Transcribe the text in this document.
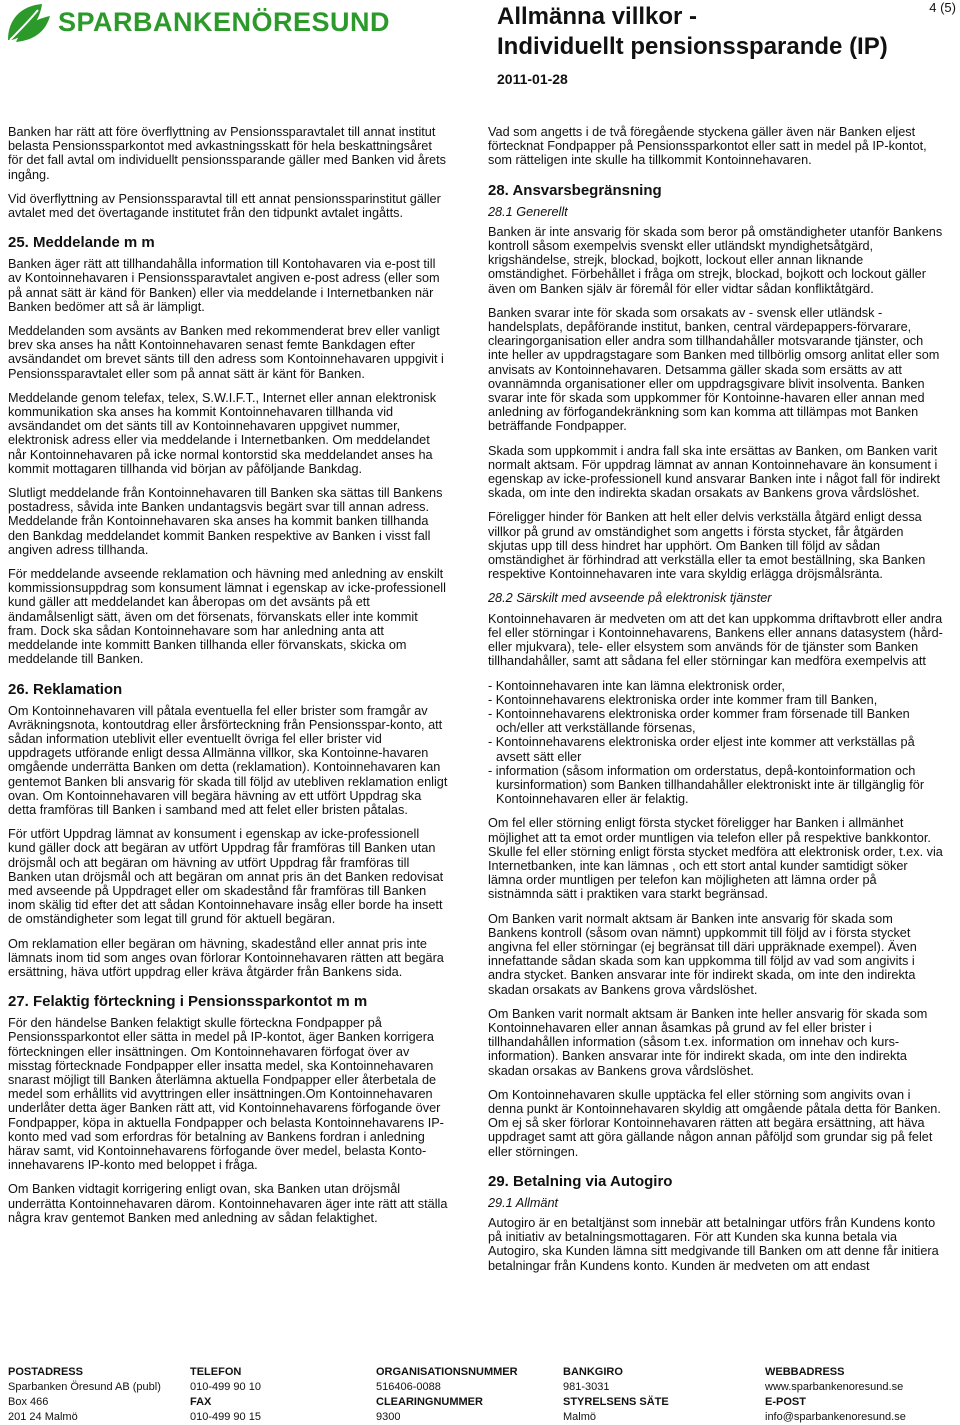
SPARBANKENÖRESUND	Allmänna villkor -
Individuellt pensionssparande (IP)
2011-01-28
4 (5)

Banken har rätt att före överflyttning av Pensionssparavtalet till annat institut belasta Pensionssparkontot med avkastningsskatt för hela beskattningsåret för det fall avtal om individuellt pensionssparande gäller med Banken vid årets ingång.

Vid överflyttning av Pensionssparavtal till ett annat pensionssparinstitut gäller avtalet med det övertagande institutet från den tidpunkt avtalet ingåtts.

25. Meddelande m m

Banken äger rätt att tillhandahålla information till Kontohavaren via e-post till av Kontoinnehavaren i Pensionssparavtalet angiven e-post adress (eller som på annat sätt är känd för Banken) eller via meddelande i Internetbanken när Banken bedömer att så är lämpligt.

Meddelanden som avsänts av Banken med rekommenderat brev eller vanligt brev ska anses ha nått Kontoinnehavaren senast femte Bankdagen efter avsändandet om brevet sänts till den adress som Kontoinnehavaren uppgivit i Pensionssparavtalet eller som på annat sätt är känt för Banken.

Meddelande genom telefax, telex, S.W.I.F.T., Internet eller annan elektronisk kommunikation ska anses ha kommit Kontoinnehavaren tillhanda vid avsändandet om det sänts till av Kontoinnehavaren uppgivet nummer, elektronisk adress eller via meddelande i Internetbanken. Om meddelandet når Kontoinnehavaren på icke normal kontorstid ska meddelandet anses ha kommit mottagaren tillhanda vid början av påföljande Bankdag.

Slutligt meddelande från Kontoinnehavaren till Banken ska sättas till Bankens postadress, såvida inte Banken undantagsvis begärt svar till annan adress. Meddelande från Kontoinnehavaren ska anses ha kommit banken tillhanda den Bankdag meddelandet kommit Banken respektive av Banken i visst fall angiven adress tillhanda.

För meddelande avseende reklamation och hävning med anledning av enskilt kommissionsuppdrag som konsument lämnat i egenskap av icke-professionell kund gäller att meddelandet kan åberopas om det avsänts på ett ändamålsenligt sätt, även om det försenats, förvanskats eller inte kommit fram. Dock ska sådan Kontoinnehavare som har anledning anta att meddelande inte kommitt Banken tillhanda eller förvanskats, skicka om meddelande till Banken.

26. Reklamation

Om Kontoinnehavaren vill påtala eventuella fel eller brister som framgår av Avräkningsnota, kontoutdrag eller årsförteckning från Pensionsspar-konto, att sådan information uteblivit eller eventuellt övriga fel eller brister vid uppdragets utförande enligt dessa Allmänna villkor, ska Kontoinne-havaren omgående underrätta Banken om detta (reklamation). Kontoinnehavaren kan gentemot Banken bli ansvarig för skada till följd av utebliven reklamation enligt ovan. Om Kontoinnehavaren vill begära hävning av ett utfört Uppdrag ska detta framföras till Banken i samband med att felet eller bristen påtalas.

För utfört Uppdrag lämnat av konsument i egenskap av icke-professionell kund gäller dock att begäran av utfört Uppdrag får framföras till Banken utan dröjsmål och att begäran om hävning av utfört Uppdrag får framföras till Banken utan dröjsmål och att begäran om annat pris än det Banken redovisat med avseende på Uppdraget eller om skadestånd får framföras till Banken inom skälig tid efter det att sådan Kontoinnehavare insåg eller borde ha insett de omständigheter som legat till grund för aktuell begäran.

Om reklamation eller begäran om hävning, skadestånd eller annat pris inte lämnats inom tid som anges ovan förlorar Kontoinnehavaren rätten att begära ersättning, häva utfört uppdrag eller kräva åtgärder från Bankens sida.

27. Felaktig förteckning i Pensionssparkontot m m

För den händelse Banken felaktigt skulle förteckna Fondpapper på Pensionssparkontot eller sätta in medel på IP-kontot, äger Banken korrigera förteckningen eller insättningen. Om Kontoinnehavaren förfogat över av misstag förtecknade Fondpapper eller insatta medel, ska Kontoinnehavaren snarast möjligt till Banken återlämna aktuella Fondpapper eller återbetala de medel som erhållits vid avyttringen eller insättningen.Om Kontoinnehavaren underlåter detta äger Banken rätt att, vid Kontoinnehavarens förfogande över Fondpapper, köpa in aktuella Fondpapper och belasta Kontoinnehavarens IP-konto med vad som erfordras för betalning av Bankens fordran i anledning härav samt, vid Kontoinnehavarens förfogande över medel, belasta Konto-innehavarens IP-konto med beloppet i fråga.

Om Banken vidtagit korrigering enligt ovan, ska Banken utan dröjsmål underrätta Kontoinnehavaren därom. Kontoinnehavaren äger inte rätt att ställa några krav gentemot Banken med anledning av sådan felaktighet.

Vad som angetts i de två föregående styckena gäller även när Banken eljest förtecknat Fondpapper på Pensionssparkontot eller satt in medel på IP-kontot, som rätteligen inte skulle ha tillkommit Kontoinnehavaren.

28. Ansvarsbegränsning
28.1 Generellt

Banken är inte ansvarig för skada som beror på omständigheter utanför Bankens kontroll såsom exempelvis svenskt eller utländskt myndighetsåtgärd, krigshändelse, strejk, blockad, bojkott, lockout eller annan liknande omständighet. Förbehållet i fråga om strejk, blockad, bojkott och lockout gäller även om Banken själv är föremål för eller vidtar sådan konfliktåtgärd.

Banken svarar inte för skada som orsakats av - svensk eller utländsk - handelsplats, depåförande institut, banken, central värdepappers-förvarare, clearingorganisation eller andra som tillhandahåller motsvarande tjänster, och inte heller av uppdragstagare som Banken med tillbörlig omsorg anlitat eller som anvisats av Kontoinnehavaren. Detsamma gäller skada som ersätts av att ovannämnda organisationer eller om uppdragsgivare blivit insolventa. Banken svarar inte för skada som uppkommer för Kontoinne-havaren eller annan med anledning av förfogandekränkning som kan komma att tillämpas mot Banken beträffande Fondpapper.

Skada som uppkommit i andra fall ska inte ersättas av Banken, om Banken varit normalt aktsam. För uppdrag lämnat av annan Kontoinnehavare än konsument i egenskap av icke-professionell kund ansvarar Banken inte i något fall för indirekt skada, om inte den indirekta skadan orsakats av Bankens grova vårdslöshet.

Föreligger hinder för Banken att helt eller delvis verkställa åtgärd enligt dessa villkor på grund av omständighet som angetts i första stycket, får åtgärden skjutas upp till dess hindret har upphört. Om Banken till följd av sådan omständighet är förhindrad att verkställa eller ta emot beställning, ska Banken respektive Kontoinnehavaren inte vara skyldig erlägga dröjsmålsränta.

28.2 Särskilt med avseende på elektronisk tjänster

Kontoinnehavaren är medveten om att det kan uppkomma driftavbrott eller andra fel eller störningar i Kontoinnehavarens, Bankens eller annans datasystem (hård- eller mjukvara), tele- eller elsystem som används för de tjänster som Banken tillhandahåller, samt att sådana fel eller störningar kan medföra exempelvis att

- Kontoinnehavaren inte kan lämna elektronisk order,
- Kontoinnehavarens elektroniska order inte kommer fram till Banken,
- Kontoinnehavarens elektroniska order kommer fram försenade till Banken och/eller att verkställande försenas,
- Kontoinnehavarens elektroniska order eljest inte kommer att verkställas på avsett sätt eller
- information (såsom information om orderstatus, depå-kontoinformation och kursinformation) som Banken tillhandahåller elektroniskt inte är tillgänglig för Kontoinnehavaren eller är felaktig.

Om fel eller störning enligt första stycket föreligger har Banken i allmänhet möjlighet att ta emot order muntligen via telefon eller på respektive bankkontor. Skulle fel eller störning enligt första stycket medföra att elektronisk order, t.ex. via Internetbanken, inte kan lämnas , och ett stort antal kunder samtidigt söker lämna order muntligen per telefon kan möjligheten att lämna order på sistnämnda sätt i praktiken vara starkt begränsad.

Om Banken varit normalt aktsam är Banken inte ansvarig för skada som Bankens kontroll (såsom ovan nämnt) uppkommit till följd av i första stycket angivna fel eller störningar (ej begränsat till däri uppräknade exempel). Även innefattande sådan skada som kan uppkomma till följd av vad som angivits i andra stycket. Banken ansvarar inte för indirekt skada, om inte den indirekta skadan orsakats av Bankens grova vårdslöshet.

Om Banken varit normalt aktsam är Banken inte heller ansvarig för skada som Kontoinnehavaren eller annan åsamkas på grund av fel eller brister i tillhandahållen information (såsom t.ex. information om innehav och kurs-information). Banken ansvarar inte för indirekt skada, om inte den indirekta skadan orsakas av Bankens grova vårdslöshet.

Om Kontoinnehavaren skulle upptäcka fel eller störning som angivits ovan i denna punkt är Kontoinnehavaren skyldig att omgående påtala detta för Banken. Om ej så sker förlorar Kontoinnehavaren rätten att begära ersättning, att häva uppdraget samt att göra gällande någon annan påföljd som grundar sig på felet eller störningen.

29. Betalning via Autogiro
29.1 Allmänt

Autogiro är en betaltjänst som innebär att betalningar utförs från Kundens konto på initiativ av betalningsmottagaren. För att Kunden ska kunna betala via Autogiro, ska Kunden lämna sitt medgivande till Banken om att denne får initiera betalningar från Kundens konto. Kunden är medveten om att endast

POSTADRESS
Sparbanken Öresund AB (publ)
Box 466
201 24 Malmö
TELEFON
010-499 90 10
FAX
010-499 90 15
ORGANISATIONSNUMMER
516406-0088
CLEARINGNUMMER
9300
BANKGIRO
981-3031
STYRELSENS SÄTE
Malmö
WEBBADRESS
www.sparbankenoresund.se
E-POST
info@sparbankenoresund.se
